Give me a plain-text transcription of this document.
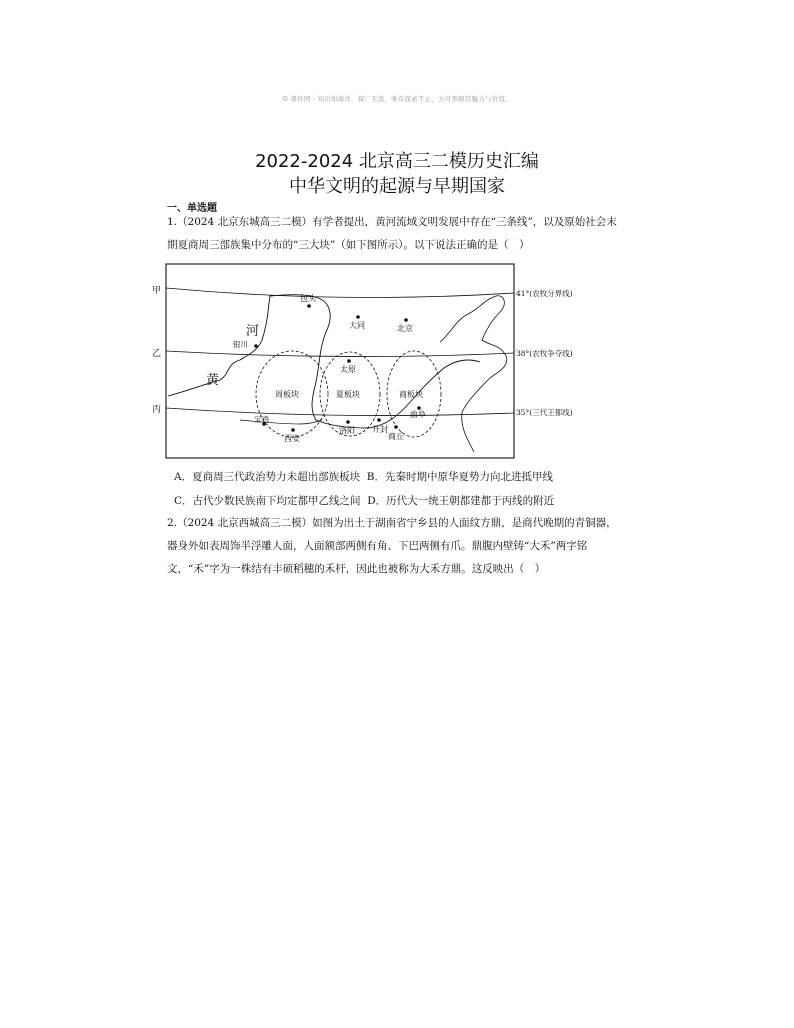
☺ 课件网 - 知识如海洋，探广无涯，唯有探索不止，方可领略其魅力与价值。
2022-2024 北京高三二模历史汇编
中华文明的起源与早期国家
一、单选题
1.（2024 北京东城高三二模）有学者提出，黄河流域文明发展中存在“三条线”，以及原始社会末期夏商周三部族集中分布的“三大块”（如下图所示）。以下说法正确的是（　）
甲
乙
丙
41°(农牧分界线)
38°(农牧争夺线)
35°(三代王都线)
河
黄
包头
大同	北京
银川
太原
周板块	夏板块	商板块
曲阜
宝鸡
西安
洛阳 开封
商丘
A．夏商周三代政治势力未超出部族板块 B．先秦时期中原华夏势力向北进抵甲线
C．古代少数民族南下均定都甲乙线之间 D．历代大一统王朝都建都于丙线的附近
2.（2024 北京西城高三二模）如图为出土于湖南省宁乡县的人面纹方鼎，是商代晚期的青铜器，器身外如表周饰半浮雕人面，人面额部两侧有角、下巴两侧有爪。鼎腹内壁铸“大禾”两字铭文，“禾”字为一株结有丰硕稻穗的禾杆，因此也被称为大禾方鼎。这反映出（　）
